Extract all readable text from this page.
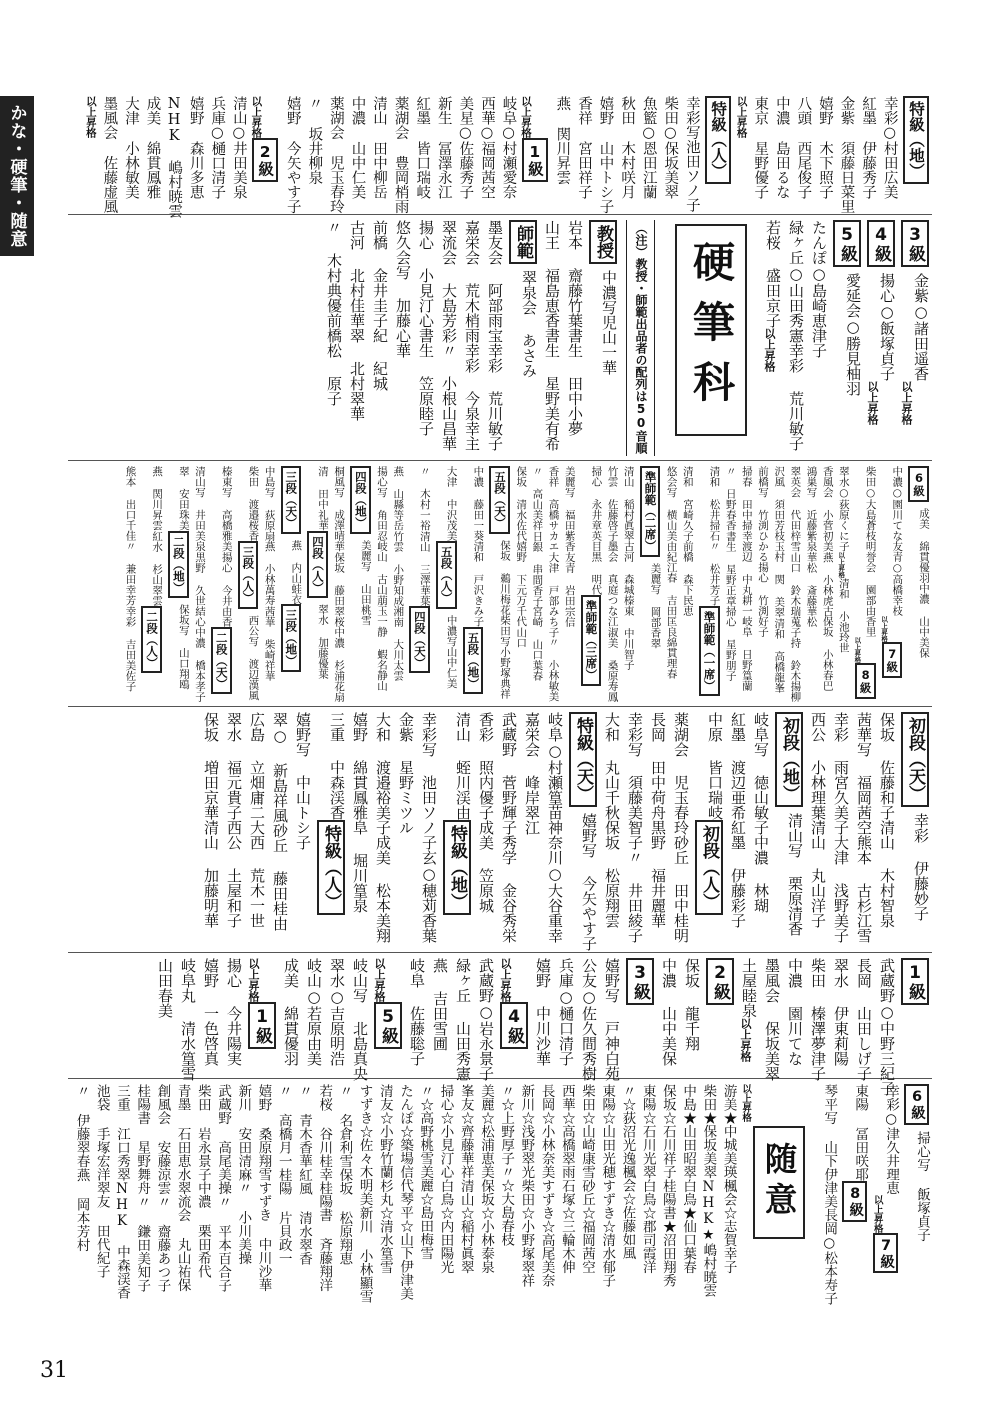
かな・硬筆・随意
31
特級（地）
幸彩○村田広美
紅墨 伊藤秀子
金紫 須藤日菜里
嬉野 木下照子
八頭 西尾俊子
中濃 島田るな
東京 星野優子
以上昇格
特級（人）
幸彩写池田ソノ子
柴田○保坂美翠
魚籃○恩田江蘭
秋田 木村咲月
嬉野 山中トシ子
香祥 宮田祥子
燕 関川昇雲
以上昇格
1級
岐阜○村瀬愛奈
西華○福岡茜空
美星○佐藤秀子
新生 冨澤永江
紅墨 皆口瑞岐
薬湖会 豊岡梢雨
清山 田中柳岳
中濃 山中仁美
薬湖会 児玉春玲
〃 坂井柳泉
嬉野 今矢やす子
以上昇格
2級
清山○井田美泉
兵庫○樋口清子
嬉野 森川多恵
NHK 嶋村暁雲
成美 綿貫鳳雅
大津 小林敏美
墨風会 佐藤虚風
以上昇格
3級
金紫○諸田遥香
以上昇格
4級
揚心○飯塚貞子
以上昇格
5級
愛延会○勝見柚羽
たんぽ○島崎恵津子
緑ヶ丘○山田秀憲
幸彩 荒川敏子
若桜 盛田京子
以上昇格
硬筆科
（注）教授・師範出品者の配列は50音順
教授
中濃写児山一華
岩本 齋藤竹葉
書生 田中小夢
山王 福島恵香
書生 星野美有希
師範
翠泉会 あさみ
墨友会 阿部雨宝
幸彩 荒川敏子
嘉栄会 荒木梢雨
幸彩 今泉幸主
翠流会 大島芳彩
〃 小根山昌華
揚心 小見汀心
書生 笠原睦子
悠久会写 加藤心華
前橋 金井圭子
紀 紀城
古河 北村佳華
翠 北村翠華
〃 木村典優
前橋松 原子
6級
成美 綿貫優羽
中濃 山中美保
中濃○園川てな
友青○高橋幸枝
以上昇格
7級
柴田○大島蒼枝
明誉会 園部由香里
以上昇格
8級
翠水○荻原くに子
以上昇格
清和 小池玲世
香風会 小菅初美
燕 小林虎古
保坂 小林春巴
鴻巣写 近藤紫泉
華松 斎藤華松
翠英会 代田梓雪
山口 鈴木瑞蒐
子持 鈴木揚柳
沢風 須田芳枝
玉村 関 美翠
清和 高橋龍峯
前橋写 竹渕ひかる
揚心 竹渕好子
掃春 田中掃幸
渡辺 中丸耕一
岐阜 日野篁蘭
〃 日野春香
書生 星野正章
掃心 星野朋子
清和 松井掃石
〃 松井芳子
準師範（一席）
清和 宮崎久子
前橋 森下民恵
悠会写 横山美由紀
江春 吉田匡良
綿貫理春
準師範（二席）
美麗写 岡部香翠
清山 稲村眞翠
古河 森城
榛東 中川智子
竹雲 佐藤啓子
墨会 真庭つな江
淑美 桑原寿鳳
掃心 永井章英
目黒 明代
準師範（三席）
美麗写 福田紫香
友青 岩田宗信
香祥 高橋サカエ
大津 戸部みち子
〃 小林敏美
〃 高山美祥
日銀 串間香子
宮崎 山口葉春
保坂 清水佐代
嬉野 下元万千代
山口
五段（天）
保坂 鵜川梅花
柴田写小野塚典祥
中濃 藤田一葵
清和 戸沢きみ子
五段（地）
大津 中沢茂美
五段（人）
中濃写山中仁美
〃 木村一裕
清山 三澤華葉
四段（天）
燕 山縣等岳
竹雲 小野知成
湘南 大川太雲
揚心写 角田忍
岐山 古山萠玉
一静 蝦名静山
四段（地）
美麗写 山田桃雪
桐風写 成澤晴華
保坂 藤田翠桜
中濃 杉浦花扇
清 田中礼華
四段（人）
翠水 加藤優葉
三段（天）
燕 内山蛙衣
三段（地）
中島写 荻原扇
燕 小林萬寿
茜華 柴崎祥華
柴田 渡邉桜香
三段（人）
西公写 渡辺漢風
榛東写 高橋雅美
揚心 今井由香
二段（天）
清山写 井田美泉
黒野 久世結心
中濃 橋本孝子
翠 安田珠美
二段（地）
保坂写 山口翔鴎
燕 関川昇雲
紅水 杉山翠雲
二段（人）
熊本 出口千佳
〃 兼田幸芳
幸彩 吉田美佐子
初段（天）
幸彩 伊藤妙子
保坂 佐藤和子
清山 木村智泉
茜華写 福岡茜空
熊本 古杉江雪
幸彩 雨宮久美子
大津 浅野美子
西公 小林理葉
清山 丸山洋子
初段（地）
清山写 栗原清香
岐阜写 徳山敏子
中濃 林瑚
紅墨 渡辺亜希
紅墨 伊藤彩子
中原 皆口瑞岐
初段（人）
薬湖会 児玉春玲
砂丘 田中桂明
長岡 田中荷舟
黒野 福井麗華
幸彩写 須藤美智子
〃 井田綾子
大和 丸山千秋
保坂 松原翔雲
特級（天）
嬉野写 今矢やす子
岐阜○村瀬篁苗
神奈川○大谷重幸
嘉栄会 峰岸翠江
武蔵野 菅野輝子
秀学 金谷秀栄
香彩 照内優子
成美 笠原城
清山 蛭川渓由
特級（地）
幸彩写 池田ソノ子
玄○穂苅香葉
金紫 星野ミツル
大和 渡邉裕美子
成美 松本美翔
嬉野 綿貫鳳雅
阜 堀川篁泉
三重 中森渓香
特級（人）
嬉野写 中山トシ子
翠○ 新島祥風
砂丘 藤田桂由
広島 立畑庸二
大西 荒木一世
翠水 福元貴子
西公 土屋和子
保坂 増田京華
清山 加藤明華
1級
武蔵野○中野三紀子
長岡 山田しげ子
翠水 伊東莉陽
柴田 榛澤夢津子
中濃 園川てな
墨風会 保坂美翠
土屋睦泉
以上昇格
2級
保坂 龍千翔
中濃 山中美保
3級
嬉野写 戸神白苑
公友○佐久間秀樹
兵庫○樋口清子
嬉野 中川沙華
以上昇格
4級
武蔵野○岩永景子
緑ヶ丘 山田秀憲
燕 吉田雪圃
岐阜 佐藤聡子
以上昇格
5級
岐山写 北島真央
翠水○吉原明浩
岐山○若原由美
成美 綿貫優羽
以上昇格
1級
揚心 今井陽実
嬉野 一色啓真
岐阜丸 清水篁雪
山田春美
6級
掃心写 飯塚貞子
幸彩○津久井理恵
以上昇格
7級
東陽 冨田咲耶
8級
琴平写 山下伊津美
長岡○松本寿子
以上昇格
随意
游美★中城美瑛
楓会☆志賀幸子
柴田★保坂美翠
NHK★嶋村暁雲
中島★山田昭翠
白鳥★仙口葉春
保坂☆石川祥子
桂陽書★沼田翔秀
東陽☆石川光翠
白鳥☆郡司霞洋
〃☆荻沼光逸
楓会☆佐藤如風
東陽☆山田光穂
すずき☆清水郁子
柴田☆山崎康雪
砂丘☆福岡茜空
西華☆高橋翠雨
石塚☆三輪木伸
長岡☆小林奈美
すずき☆高尾美奈
新川☆浅野翠光
柴田☆小野塚翠祥
〃☆上野厚子
〃☆大島春枝
美麗☆松浦恵美
保坂☆小林泰泉
峯友☆齊藤華祥
清山☆稲村眞翠
掃心☆小見汀心
白鳥☆内田陽光
〃☆高野桃雪
美麗☆島田梅雪
たんぽ☆築場信代
琴平☆山下伊津美
清友☆小野竹蘭
杉丸☆清水篁雪
すずき☆佐々木明美
新川 小林顯雪
〃 名倉利雪
保坂 松原翔恵
若桜 谷川桂幸
桂陽書 斉藤翔洋
〃 青木香華
紅風 清水翠香
〃 高橋月一
桂陽 片貝政一
嬉野 桑原翔雪
すずき 中川沙華
新川 安田清麻
〃 小川美操
武蔵野 高尾美操
〃 平本百合子
柴田 岩永景子
中濃 栗田希代
青墨 石田恵水
翠流会 丸山祐保
創風会 安藤涼雲
〃 齋藤あつ子
桂陽書 星野舞舟
〃 鎌田美知子
三重 江口秀翠
NHK 中森渓香
池袋 手塚宏洋
翠友 田代紀子
〃 伊藤翠春
燕 岡本芳村
